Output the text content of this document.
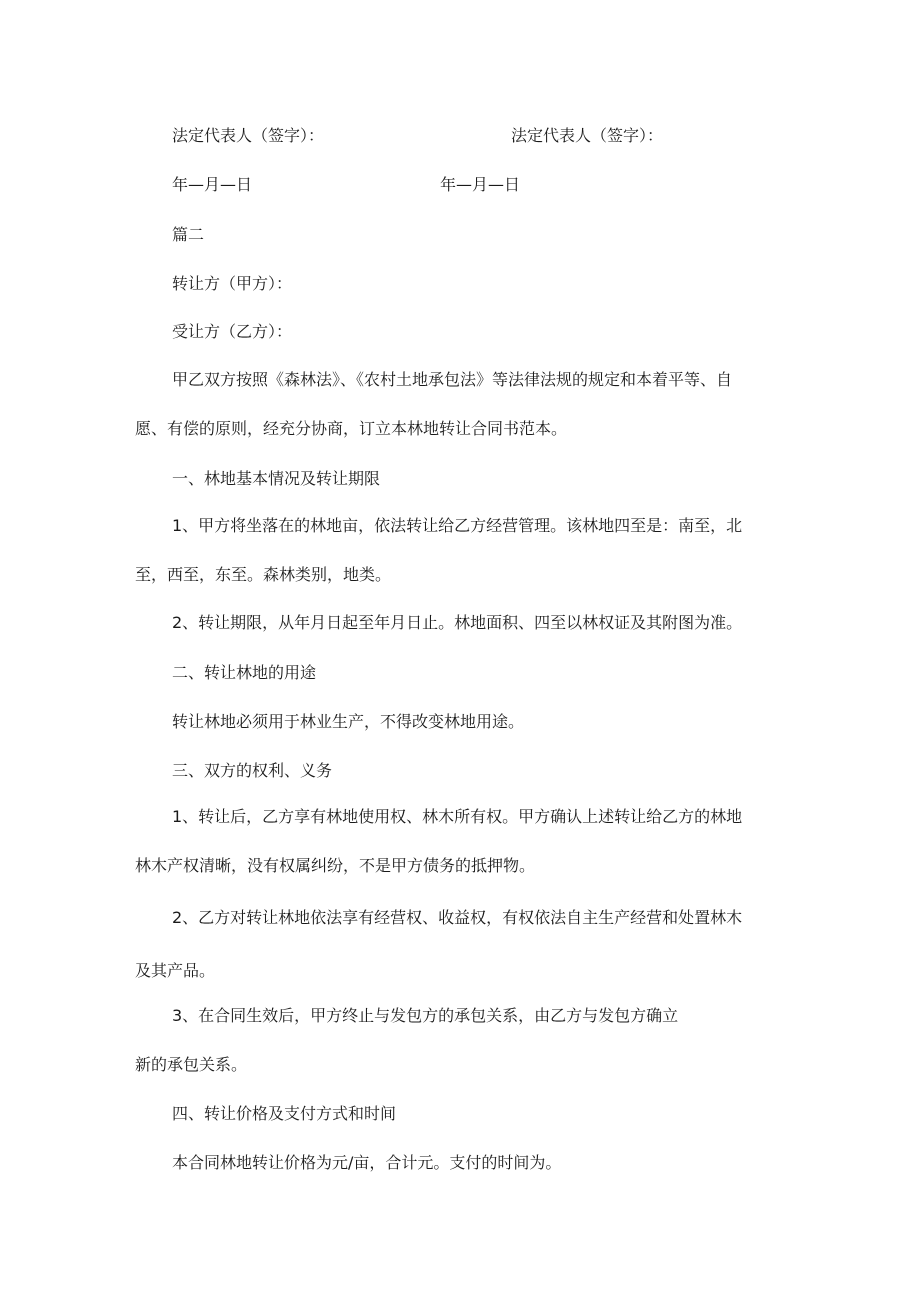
法定代表人（签字）：	法定代表人（签字）：

年—月—日	年—月—日

篇二

转让方（甲方）：

受让方（乙方）：

甲乙双方按照《森林法》、《农村土地承包法》等法律法规的规定和本着平等、自
愿、有偿的原则，经充分协商，订立本林地转让合同书范本。

一、林地基本情况及转让期限

1、甲方将坐落在的林地亩，依法转让给乙方经营管理。该林地四至是：南至，北
至，西至，东至。森林类别，地类。

2、转让期限，从年月日起至年月日止。林地面积、四至以林权证及其附图为准。

二、转让林地的用途

转让林地必须用于林业生产，不得改变林地用途。

三、双方的权利、义务

1、转让后，乙方享有林地使用权、林木所有权。甲方确认上述转让给乙方的林地
林木产权清晰，没有权属纠纷，不是甲方债务的抵押物。
2、乙方对转让林地依法享有经营权、收益权，有权依法自主生产经营和处置林木
及其产品。

3、在合同生效后，甲方终止与发包方的承包关系，由乙方与发包方确立

新的承包关系。

四、转让价格及支付方式和时间

本合同林地转让价格为元/亩，合计元。支付的时间为。
